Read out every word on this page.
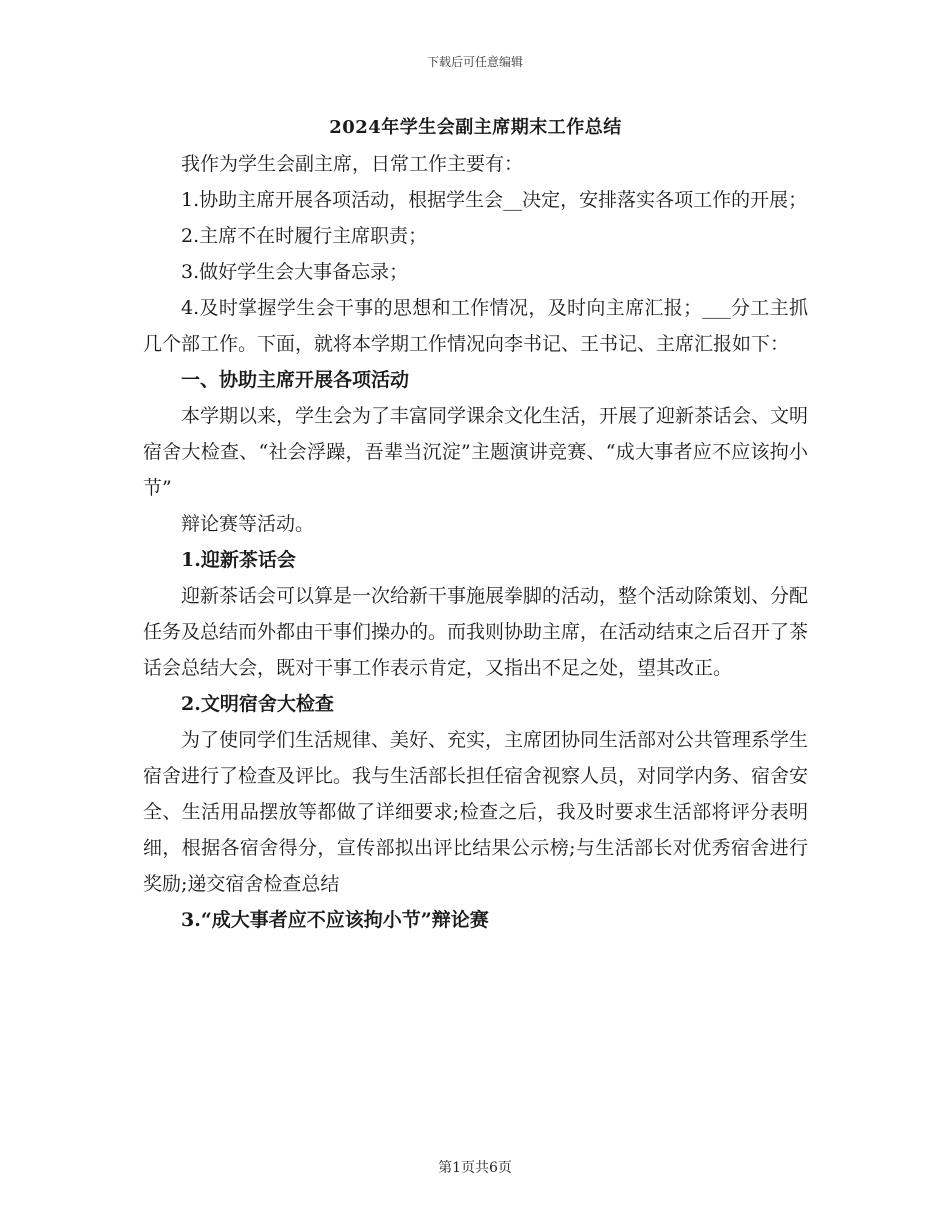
下载后可任意编辑
2024年学生会副主席期末工作总结

我作为学生会副主席，日常工作主要有：

1.协助主席开展各项活动，根据学生会__决定，安排落实各项工作的开展；

2.主席不在时履行主席职责；

3.做好学生会大事备忘录；

4.及时掌握学生会干事的思想和工作情况，及时向主席汇报；___分工主抓几个部工作。下面，就将本学期工作情况向李书记、王书记、主席汇报如下：

一、协助主席开展各项活动

本学期以来，学生会为了丰富同学课余文化生活，开展了迎新茶话会、文明宿舍大检查、“社会浮躁，吾辈当沉淀”主题演讲竞赛、“成大事者应不应该拘小节”

辩论赛等活动。

1.迎新茶话会

迎新茶话会可以算是一次给新干事施展拳脚的活动，整个活动除策划、分配任务及总结而外都由干事们操办的。而我则协助主席，在活动结束之后召开了茶话会总结大会，既对干事工作表示肯定，又指出不足之处，望其改正。

2.文明宿舍大检查

为了使同学们生活规律、美好、充实，主席团协同生活部对公共管理系学生宿舍进行了检查及评比。我与生活部长担任宿舍视察人员，对同学内务、宿舍安全、生活用品摆放等都做了详细要求;检查之后，我及时要求生活部将评分表明细，根据各宿舍得分，宣传部拟出评比结果公示榜;与生活部长对优秀宿舍进行奖励;递交宿舍检查总结

3.“成大事者应不应该拘小节”辩论赛

第1页共6页
